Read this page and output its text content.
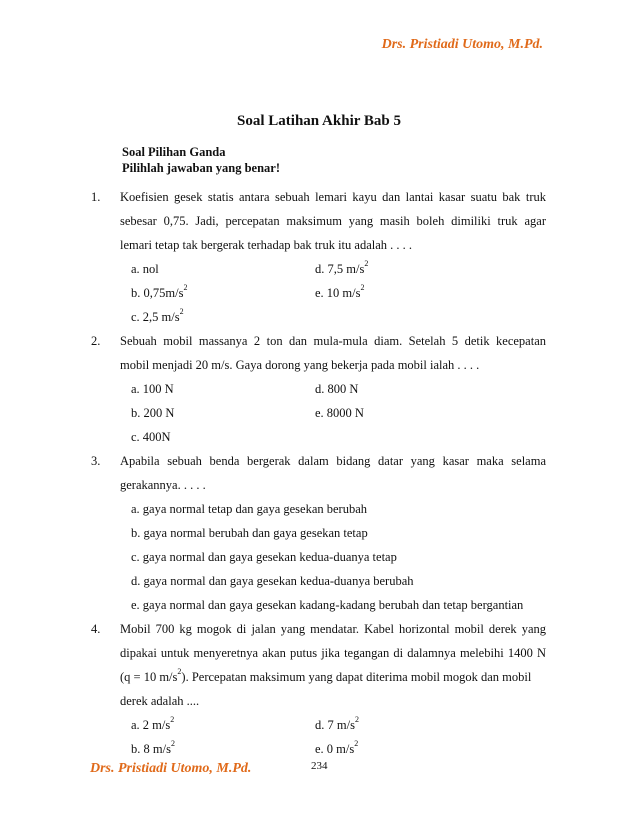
Drs. Pristiadi Utomo, M.Pd.
Soal Latihan Akhir Bab 5
Soal Pilihan Ganda
Pilihlah jawaban yang benar!
1. Koefisien gesek statis antara sebuah lemari kayu dan lantai kasar suatu bak truk
sebesar 0,75. Jadi, percepatan maksimum yang masih boleh dimiliki truk agar
lemari tetap tak bergerak terhadap bak truk itu adalah . . . .
a. nol	d. 7,5 $m/s^2$
b. $0,75m/s^2$	e. 10 $m/s^2$
c. 2,5 $m/s^2$
2. Sebuah mobil massanya 2 ton dan mula-mula diam. Setelah 5 detik kecepatan
mobil menjadi 20 m/s. Gaya dorong yang bekerja pada mobil ialah . . . .
a. 100 N	d. 800 N
b. 200 N	e. 8000 N
c. 400N
3. Apabila sebuah benda bergerak dalam bidang datar yang kasar maka selama
gerakannya. . . . .
a. gaya normal tetap dan gaya gesekan berubah
b. gaya normal berubah dan gaya gesekan tetap
c. gaya normal dan gaya gesekan kedua-duanya tetap
d. gaya normal dan gaya gesekan kedua-duanya berubah
e. gaya normal dan gaya gesekan kadang-kadang berubah dan tetap bergantian
4. Mobil 700 kg mogok di jalan yang mendatar. Kabel horizontal mobil derek yang
dipakai untuk menyeretnya akan putus jika tegangan di dalamnya melebihi 1400 N
(q = 10 $m/s^2$). Percepatan maksimum yang dapat diterima mobil mogok dan mobil
derek adalah ....
a. 2 $m/s^2$	d. 7 $m/s^2$
b. 8 $m/s^2$	e. 0 $m/s^2$
Drs. Pristiadi Utomo, M.Pd.	234
